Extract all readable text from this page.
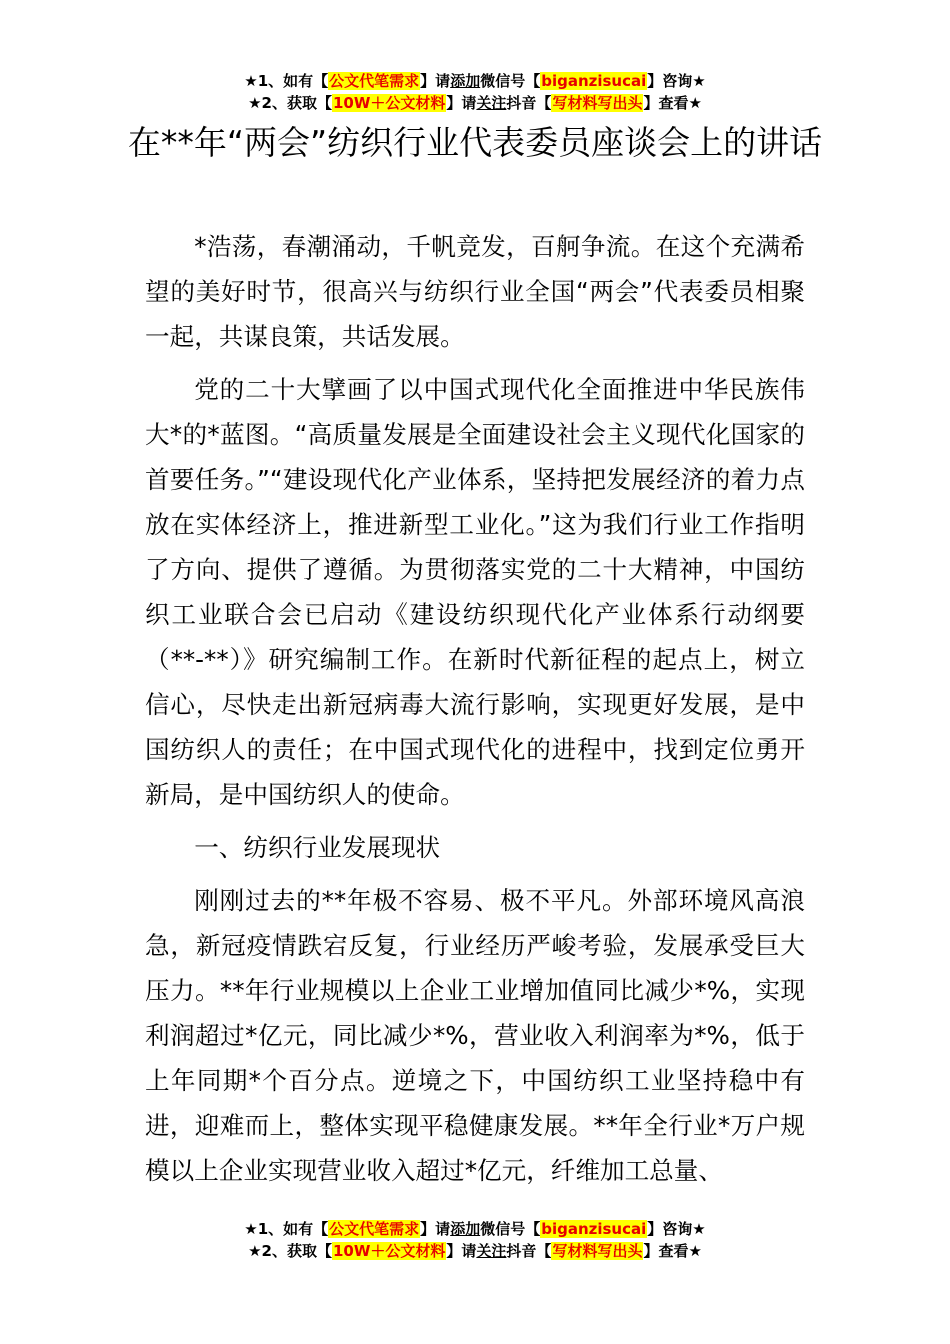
★1、如有【公文代笔需求】请添加微信号【biganzisucai】咨询★
★2、获取【10W＋公文材料】请关注抖音【写材料写出头】查看★
在**年“两会”纺织行业代表委员座谈会上的讲话

*浩荡，春潮涌动，千帆竞发，百舸争流。在这个充满希望的美好时节，很高兴与纺织行业全国“两会”代表委员相聚一起，共谋良策，共话发展。

党的二十大擘画了以中国式现代化全面推进中华民族伟大*的*蓝图。“高质量发展是全面建设社会主义现代化国家的首要任务。”“建设现代化产业体系，坚持把发展经济的着力点放在实体经济上，推进新型工业化。”这为我们行业工作指明了方向、提供了遵循。为贯彻落实党的二十大精神，中国纺织工业联合会已启动《建设纺织现代化产业体系行动纲要（**-**）》研究编制工作。在新时代新征程的起点上，树立信心，尽快走出新冠病毒大流行影响，实现更好发展，是中国纺织人的责任；在中国式现代化的进程中，找到定位勇开新局，是中国纺织人的使命。

一、纺织行业发展现状

刚刚过去的**年极不容易、极不平凡。外部环境风高浪急，新冠疫情跌宕反复，行业经历严峻考验，发展承受巨大压力。**年行业规模以上企业工业增加值同比减少*%，实现利润超过*亿元，同比减少*%，营业收入利润率为*%，低于上年同期*个百分点。逆境之下，中国纺织工业坚持稳中有进，迎难而上，整体实现平稳健康发展。**年全行业*万户规模以上企业实现营业收入超过*亿元，纤维加工总量、

★1、如有【公文代笔需求】请添加微信号【biganzisucai】咨询★
★2、获取【10W＋公文材料】请关注抖音【写材料写出头】查看★
